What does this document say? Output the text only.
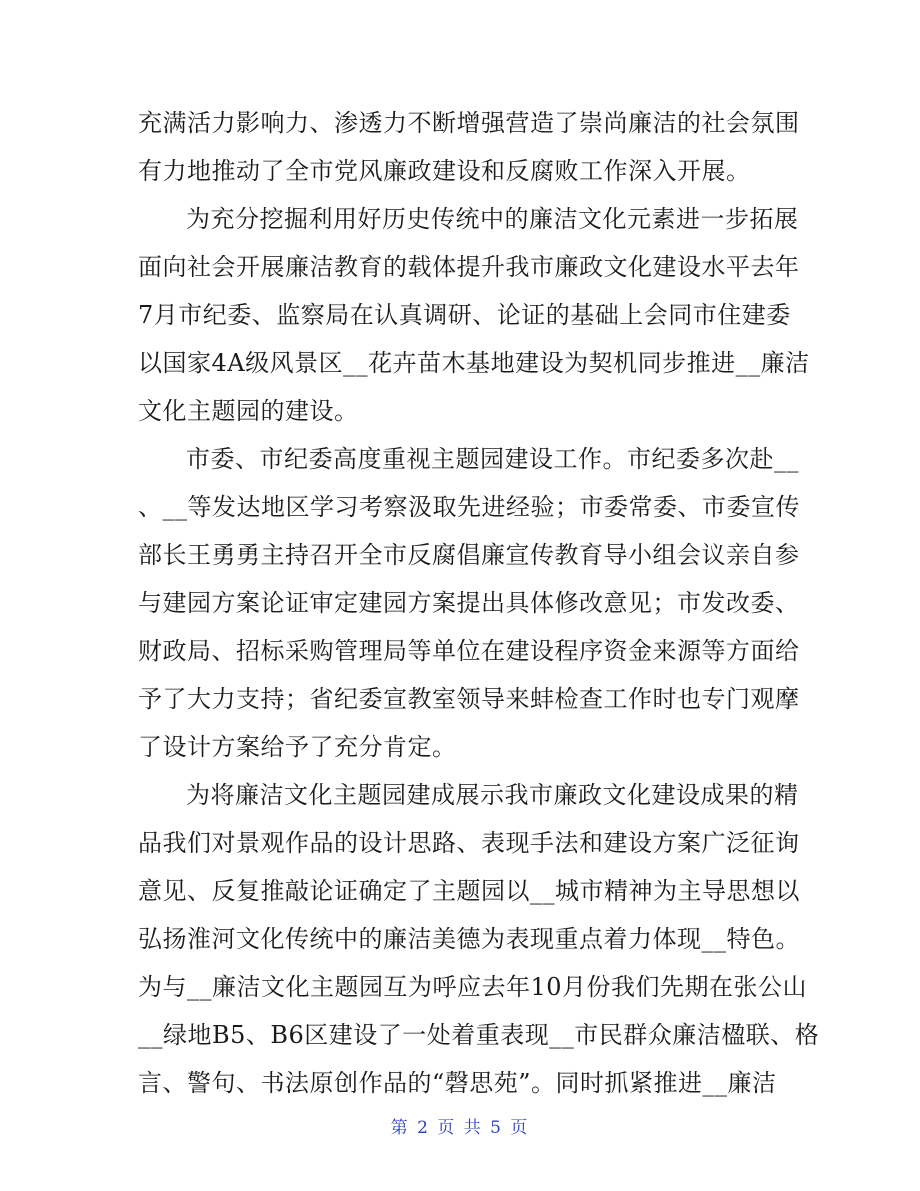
充满活力影响力、渗透力不断增强营造了崇尚廉洁的社会氛围
有力地推动了全市党风廉政建设和反腐败工作深入开展。
为充分挖掘利用好历史传统中的廉洁文化元素进一步拓展
面向社会开展廉洁教育的载体提升我市廉政文化建设水平去年
7月市纪委、监察局在认真调研、论证的基础上会同市住建委
以国家4A级风景区__花卉苗木基地建设为契机同步推进__廉洁
文化主题园的建设。
市委、市纪委高度重视主题园建设工作。市纪委多次赴__
、__等发达地区学习考察汲取先进经验；市委常委、市委宣传
部长王勇勇主持召开全市反腐倡廉宣传教育导小组会议亲自参
与建园方案论证审定建园方案提出具体修改意见；市发改委、
财政局、招标采购管理局等单位在建设程序资金来源等方面给
予了大力支持；省纪委宣教室领导来蚌检查工作时也专门观摩
了设计方案给予了充分肯定。
为将廉洁文化主题园建成展示我市廉政文化建设成果的精
品我们对景观作品的设计思路、表现手法和建设方案广泛征询
意见、反复推敲论证确定了主题园以__城市精神为主导思想以
弘扬淮河文化传统中的廉洁美德为表现重点着力体现__特色。
为与__廉洁文化主题园互为呼应去年10月份我们先期在张公山
__绿地B5、B6区建设了一处着重表现__市民群众廉洁楹联、格
言、警句、书法原创作品的“磬思苑”。同时抓紧推进__廉洁
第 2 页 共 5 页
